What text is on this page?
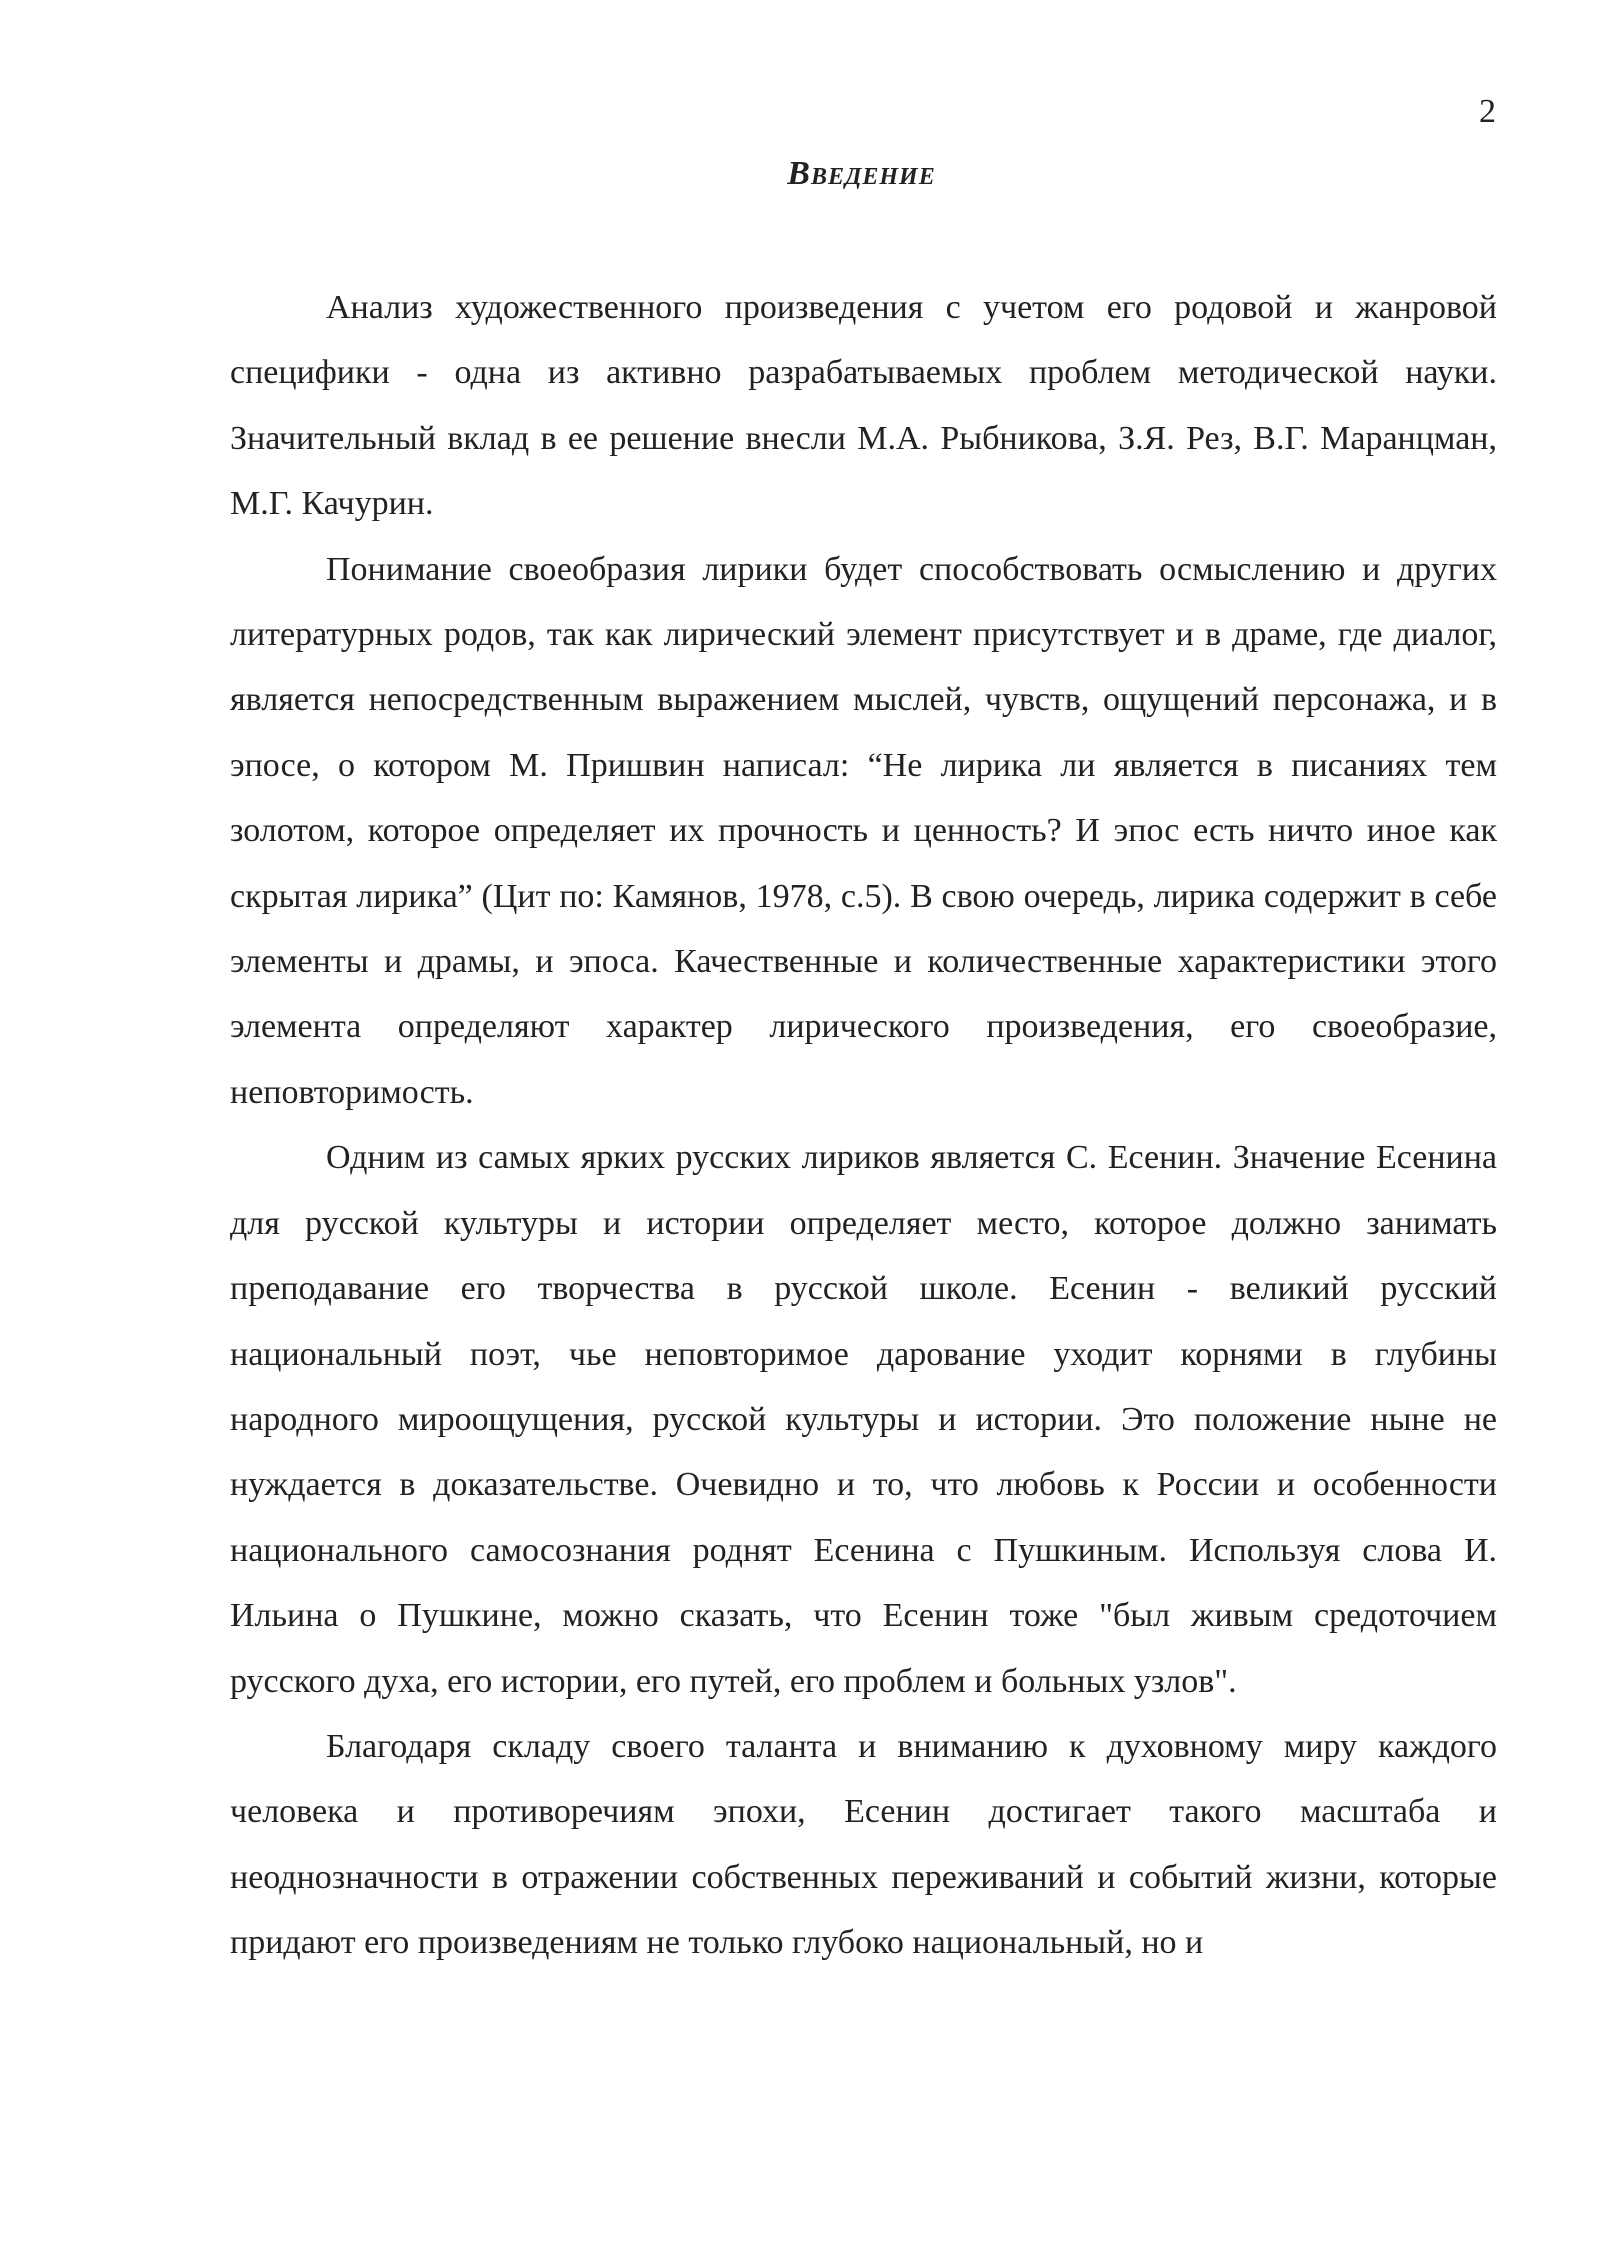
2
Введение

Анализ художественного произведения с учетом его родовой и жанровой специфики - одна из активно разрабатываемых проблем методической науки. Значительный вклад в ее решение внесли М.А. Рыбникова, З.Я. Рез, В.Г. Маранцман, М.Г. Качурин.

Понимание своеобразия лирики будет способствовать осмыслению и других литературных родов, так как лирический элемент присутствует и в драме, где диалог, является непосредственным выражением мыслей, чувств, ощущений персонажа, и в эпосе, о котором М. Пришвин написал: “Не лирика ли является в писаниях тем золотом, которое определяет их прочность и ценность? И эпос есть ничто иное как скрытая лирика” (Цит по: Камянов, 1978, с.5). В свою очередь, лирика содержит в себе элементы и драмы, и эпоса. Качественные и количественные характеристики этого элемента определяют характер лирического произведения, его своеобразие, неповторимость.

Одним из самых ярких русских лириков является С. Есенин. Значение Есенина для русской культуры и истории определяет место, которое должно занимать преподавание его творчества в русской школе. Есенин - великий русский национальный поэт, чье неповторимое дарование уходит корнями в глубины народного мироощущения, русской культуры и истории. Это положение ныне не нуждается в доказательстве. Очевидно и то, что любовь к России и особенности национального самосознания роднят Есенина с Пушкиным. Используя слова И. Ильина о Пушкине, можно сказать, что Есенин тоже "был живым средоточием русского духа, его истории, его путей, его проблем и больных узлов".

Благодаря складу своего таланта и вниманию к духовному миру каждого человека и противоречиям эпохи, Есенин достигает такого масштаба и неоднозначности в отражении собственных переживаний и событий жизни, которые придают его произведениям не только глубоко национальный, но и
